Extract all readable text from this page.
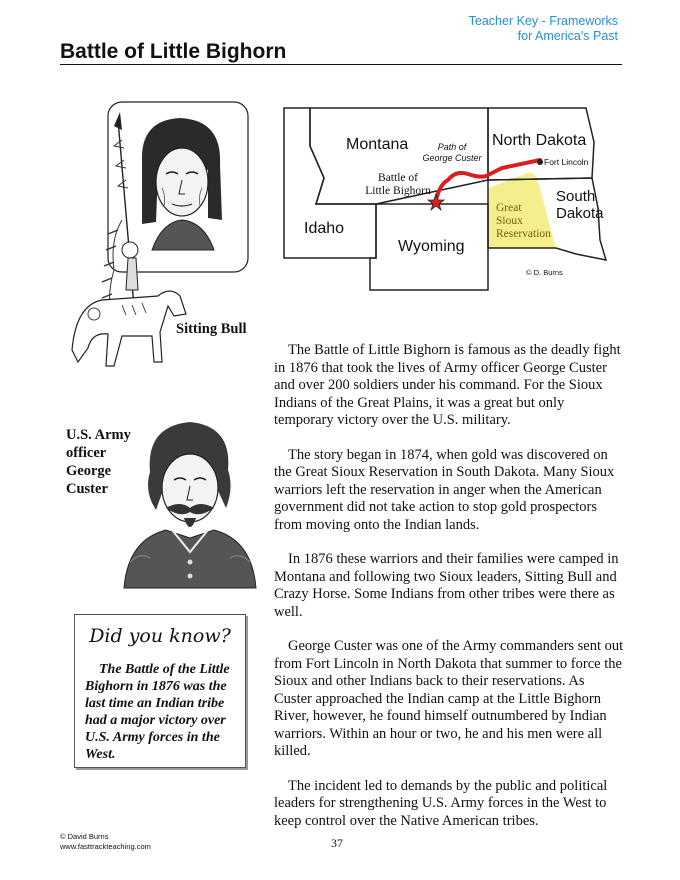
Teacher Key - Frameworks
for America's Past
Battle of Little Bighorn
Sitting Bull
U.S. Army
officer
George
Custer
Montana	North Dakota
South
Dakota
Idaho
Wyoming
Path of
George Custer
Battle of
Little Bighorn
Fort Lincoln
Great
Sioux
Reservation
© D. Burns

The Battle of Little Bighorn is famous as the deadly fight in 1876 that took the lives of Army officer George Custer and over 200 soldiers under his command. For the Sioux Indians of the Great Plains, it was a great but only temporary victory over the U.S. military.

The story began in 1874, when gold was discovered on the Great Sioux Reservation in South Dakota. Many Sioux warriors left the reservation in anger when the American government did not take action to stop gold prospectors from moving onto the Indian lands.

In 1876 these warriors and their families were camped in Montana and following two Sioux leaders, Sitting Bull and Crazy Horse. Some Indians from other tribes were there as well.

George Custer was one of the Army commanders sent out from Fort Lincoln in North Dakota that summer to force the Sioux and other Indians back to their reservations. As Custer approached the Indian camp at the Little Bighorn River, however, he found himself outnumbered by Indian warriors. Within an hour or two, he and his men were all killed.

The incident led to demands by the public and political leaders for strengthening U.S. Army forces in the West to keep control over the Native American tribes.

Did you know?
The Battle of the Little Bighorn in 1876 was the last time an Indian tribe had a major victory over U.S. Army forces in the West.
© David Burns
www.fasttrackteaching.com	37
